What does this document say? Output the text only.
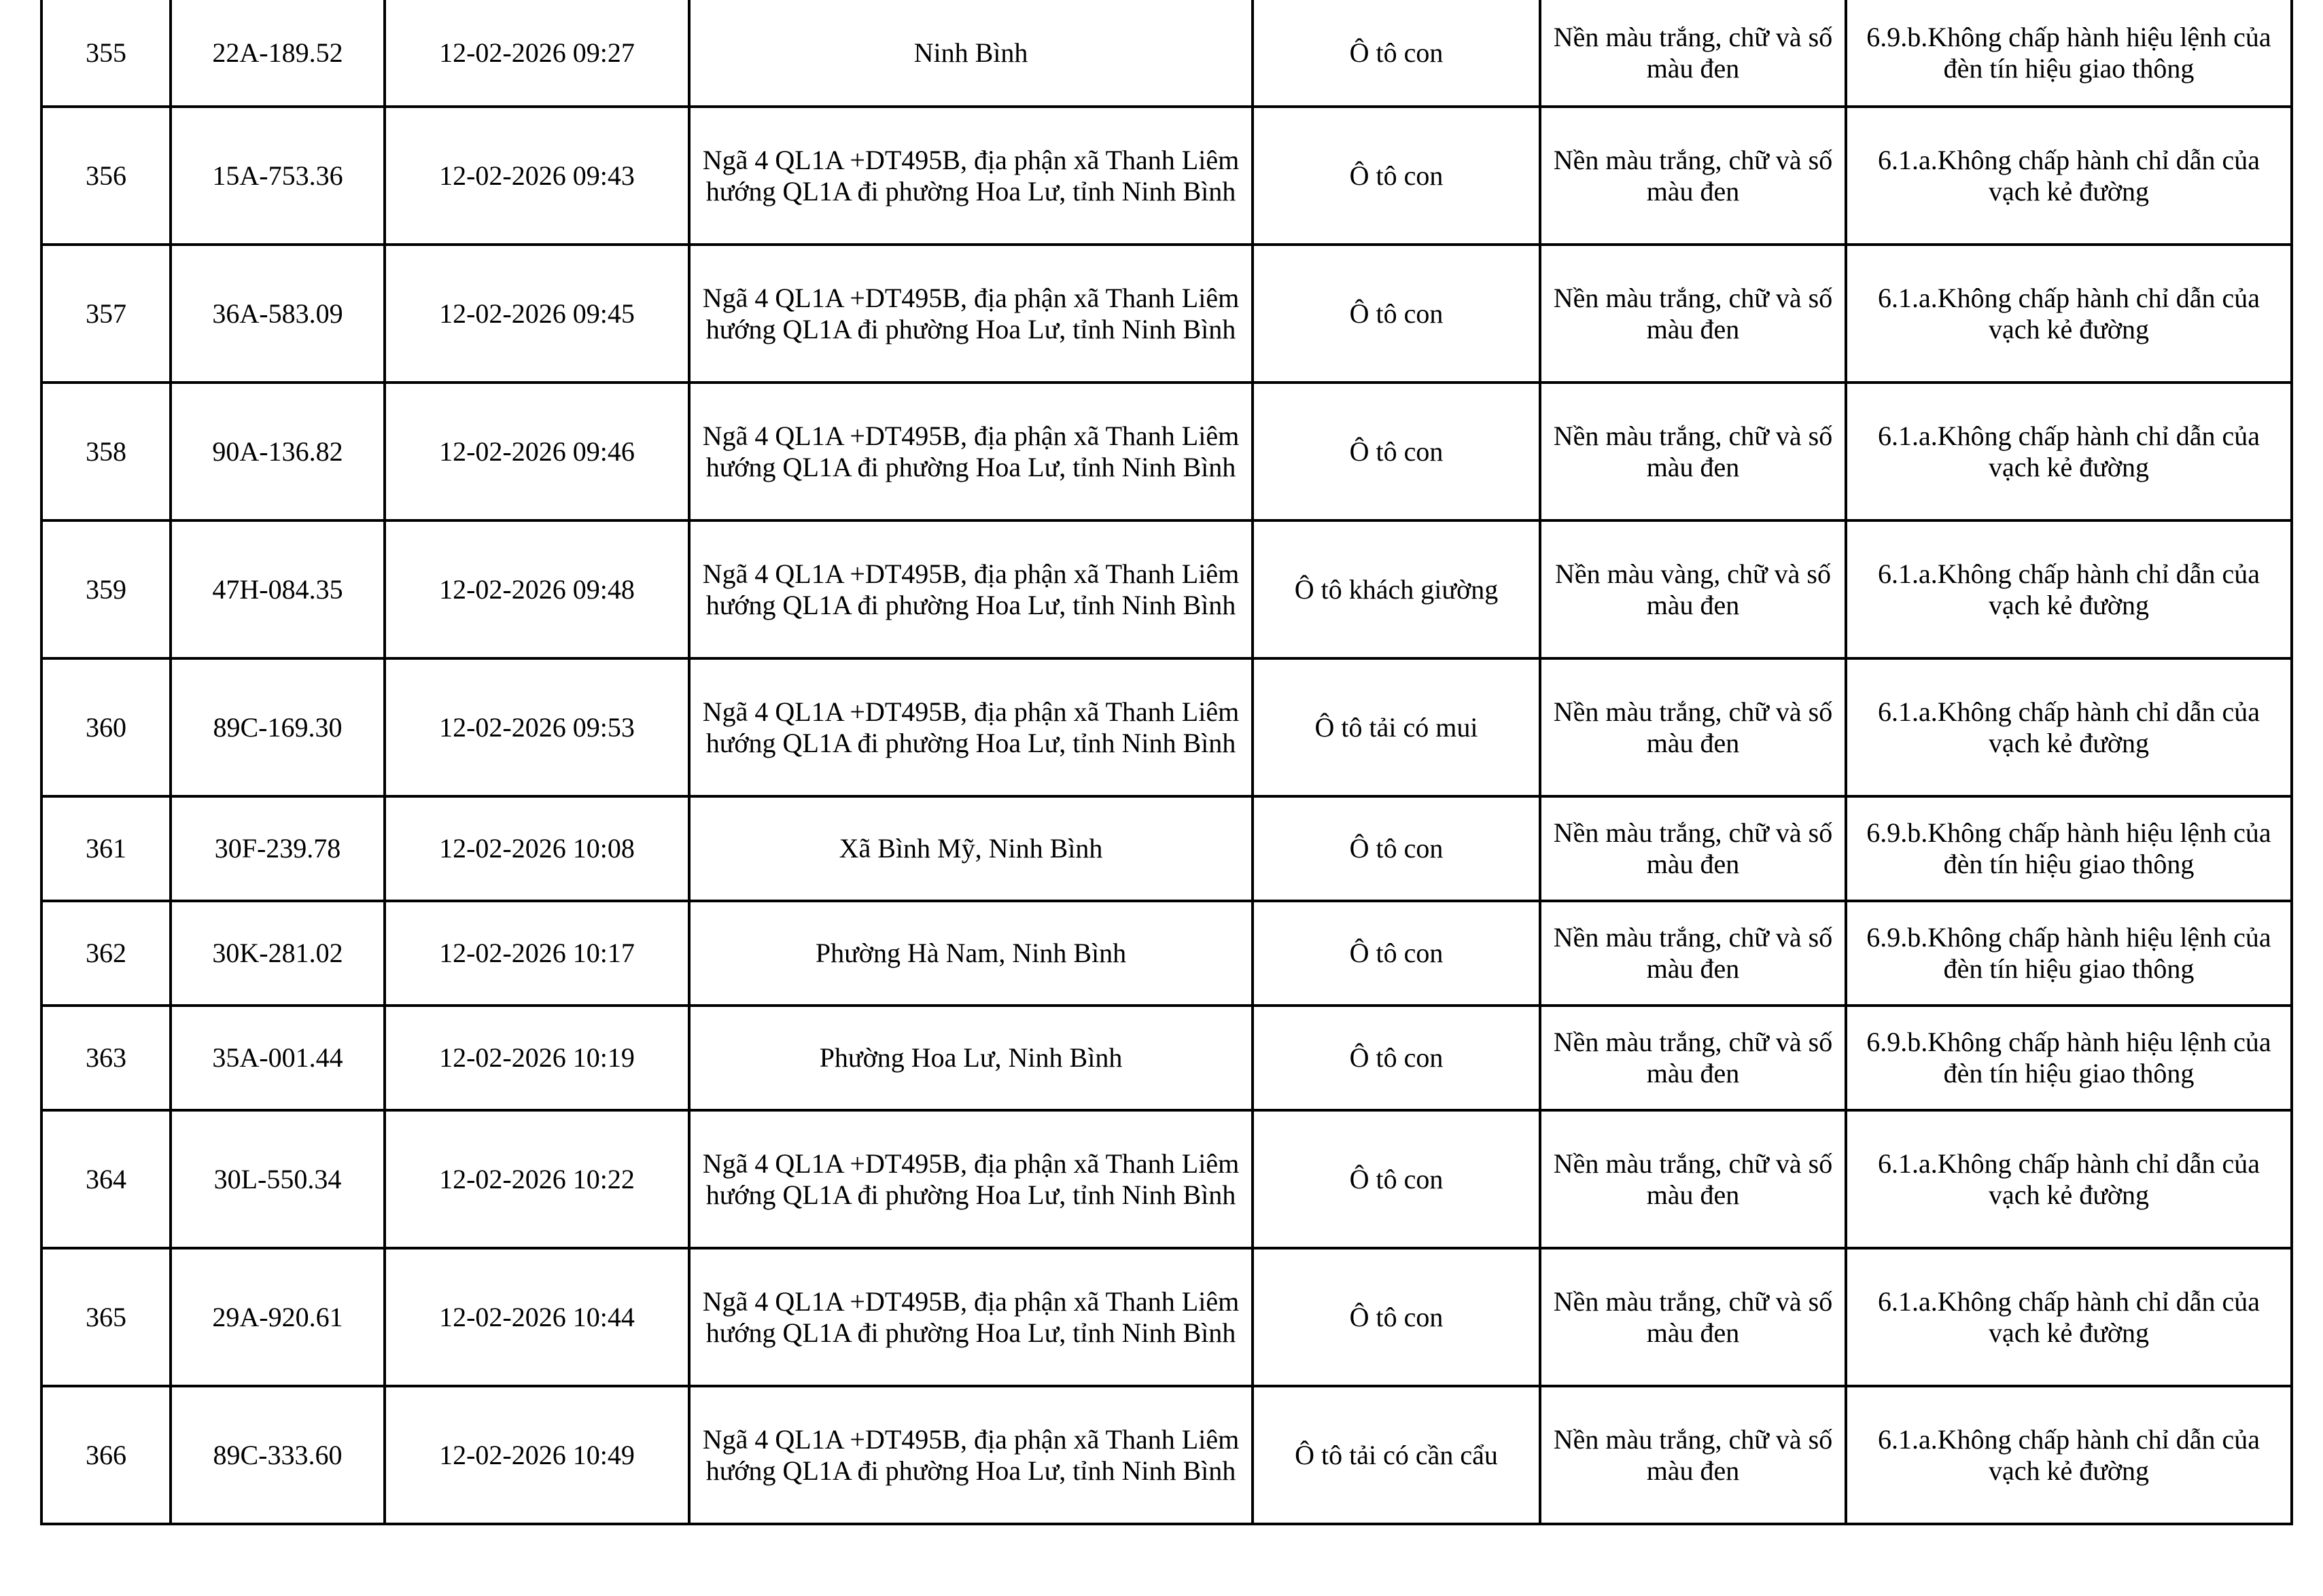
355	22A-189.52	12-02-2026 09:27	Ninh Bình	Ô tô con	Nền màu trắng, chữ và số màu đen	6.9.b.Không chấp hành hiệu lệnh của đèn tín hiệu giao thông
356	15A-753.36	12-02-2026 09:43	Ngã 4 QL1A +DT495B, địa phận xã Thanh Liêm hướng QL1A đi phường Hoa Lư, tỉnh Ninh Bình	Ô tô con	Nền màu trắng, chữ và số màu đen	6.1.a.Không chấp hành chỉ dẫn của vạch kẻ đường
357	36A-583.09	12-02-2026 09:45	Ngã 4 QL1A +DT495B, địa phận xã Thanh Liêm hướng QL1A đi phường Hoa Lư, tỉnh Ninh Bình	Ô tô con	Nền màu trắng, chữ và số màu đen	6.1.a.Không chấp hành chỉ dẫn của vạch kẻ đường
358	90A-136.82	12-02-2026 09:46	Ngã 4 QL1A +DT495B, địa phận xã Thanh Liêm hướng QL1A đi phường Hoa Lư, tỉnh Ninh Bình	Ô tô con	Nền màu trắng, chữ và số màu đen	6.1.a.Không chấp hành chỉ dẫn của vạch kẻ đường
359	47H-084.35	12-02-2026 09:48	Ngã 4 QL1A +DT495B, địa phận xã Thanh Liêm hướng QL1A đi phường Hoa Lư, tỉnh Ninh Bình	Ô tô khách giường	Nền màu vàng, chữ và số màu đen	6.1.a.Không chấp hành chỉ dẫn của vạch kẻ đường
360	89C-169.30	12-02-2026 09:53	Ngã 4 QL1A +DT495B, địa phận xã Thanh Liêm hướng QL1A đi phường Hoa Lư, tỉnh Ninh Bình	Ô tô tải có mui	Nền màu trắng, chữ và số màu đen	6.1.a.Không chấp hành chỉ dẫn của vạch kẻ đường
361	30F-239.78	12-02-2026 10:08	Xã Bình Mỹ, Ninh Bình	Ô tô con	Nền màu trắng, chữ và số màu đen	6.9.b.Không chấp hành hiệu lệnh của đèn tín hiệu giao thông
362	30K-281.02	12-02-2026 10:17	Phường Hà Nam, Ninh Bình	Ô tô con	Nền màu trắng, chữ và số màu đen	6.9.b.Không chấp hành hiệu lệnh của đèn tín hiệu giao thông
363	35A-001.44	12-02-2026 10:19	Phường Hoa Lư, Ninh Bình	Ô tô con	Nền màu trắng, chữ và số màu đen	6.9.b.Không chấp hành hiệu lệnh của đèn tín hiệu giao thông
364	30L-550.34	12-02-2026 10:22	Ngã 4 QL1A +DT495B, địa phận xã Thanh Liêm hướng QL1A đi phường Hoa Lư, tỉnh Ninh Bình	Ô tô con	Nền màu trắng, chữ và số màu đen	6.1.a.Không chấp hành chỉ dẫn của vạch kẻ đường
365	29A-920.61	12-02-2026 10:44	Ngã 4 QL1A +DT495B, địa phận xã Thanh Liêm hướng QL1A đi phường Hoa Lư, tỉnh Ninh Bình	Ô tô con	Nền màu trắng, chữ và số màu đen	6.1.a.Không chấp hành chỉ dẫn của vạch kẻ đường
366	89C-333.60	12-02-2026 10:49	Ngã 4 QL1A +DT495B, địa phận xã Thanh Liêm hướng QL1A đi phường Hoa Lư, tỉnh Ninh Bình	Ô tô tải có cần cẩu	Nền màu trắng, chữ và số màu đen	6.1.a.Không chấp hành chỉ dẫn của vạch kẻ đường
